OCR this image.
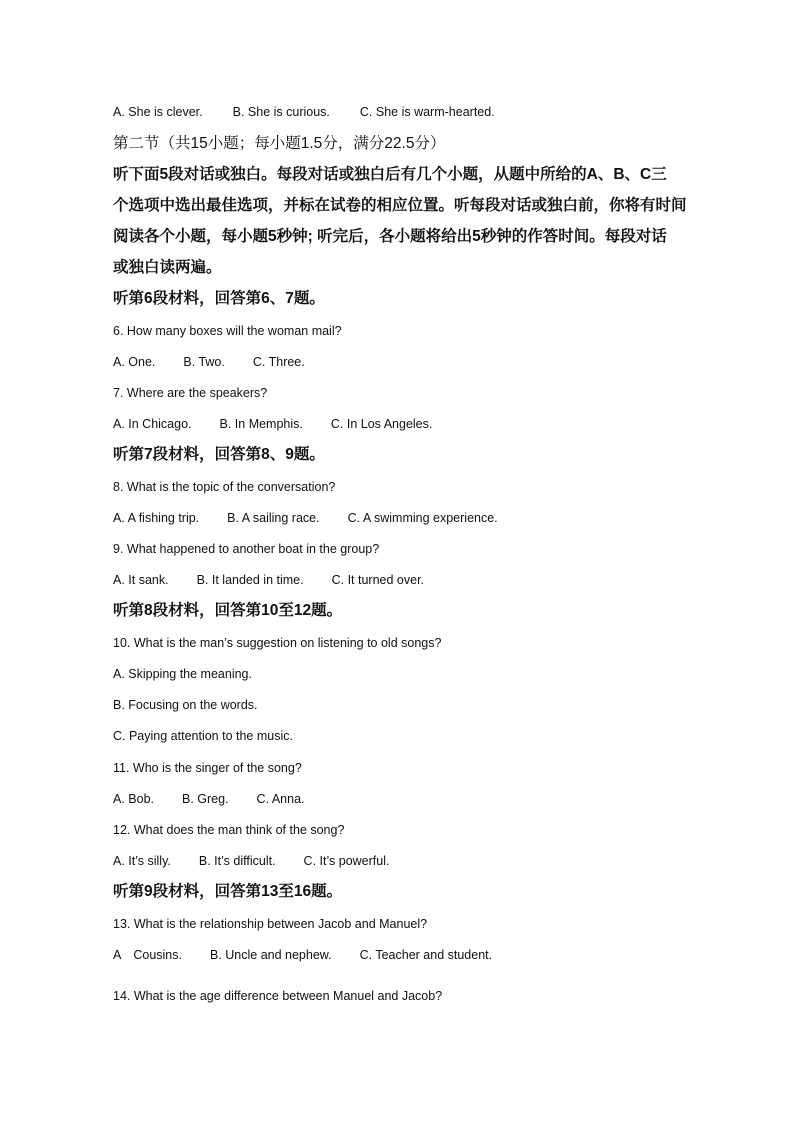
A. She is clever. B. She is curious. C. She is warm-hearted.
第二节（共15小题；每小题1.5分，满分22.5分）
听下面5段对话或独白。每段对话或独白后有几个小题，从题中所给的A、B、C三
个选项中选出最佳选项，并标在试卷的相应位置。听每段对话或独白前，你将有时间
阅读各个小题，每小题5秒钟; 听完后，各小题将给出5秒钟的作答时间。每段对话
或独白读两遍。
听第6段材料，回答第6、7题。
6. How many boxes will the woman mail?
A. One. B. Two. C. Three.
7. Where are the speakers?
A. In Chicago. B. In Memphis. C. In Los Angeles.
听第7段材料，回答第8、9题。
8. What is the topic of the conversation?
A. A fishing trip. B. A sailing race. C. A swimming experience.
9. What happened to another boat in the group?
A. It sank. B. It landed in time. C. It turned over.
听第8段材料，回答第10至12题。
10. What is the man’s suggestion on listening to old songs?
A. Skipping the meaning.
B. Focusing on the words.
C. Paying attention to the music.
11. Who is the singer of the song?
A. Bob. B. Greg. C. Anna.
12. What does the man think of the song?
A. It’s silly. B. It’s difficult. C. It’s powerful.
听第9段材料，回答第13至16题。
13. What is the relationship between Jacob and Manuel?
A Cousins. B. Uncle and nephew. C. Teacher and student.
14. What is the age difference between Manuel and Jacob?
